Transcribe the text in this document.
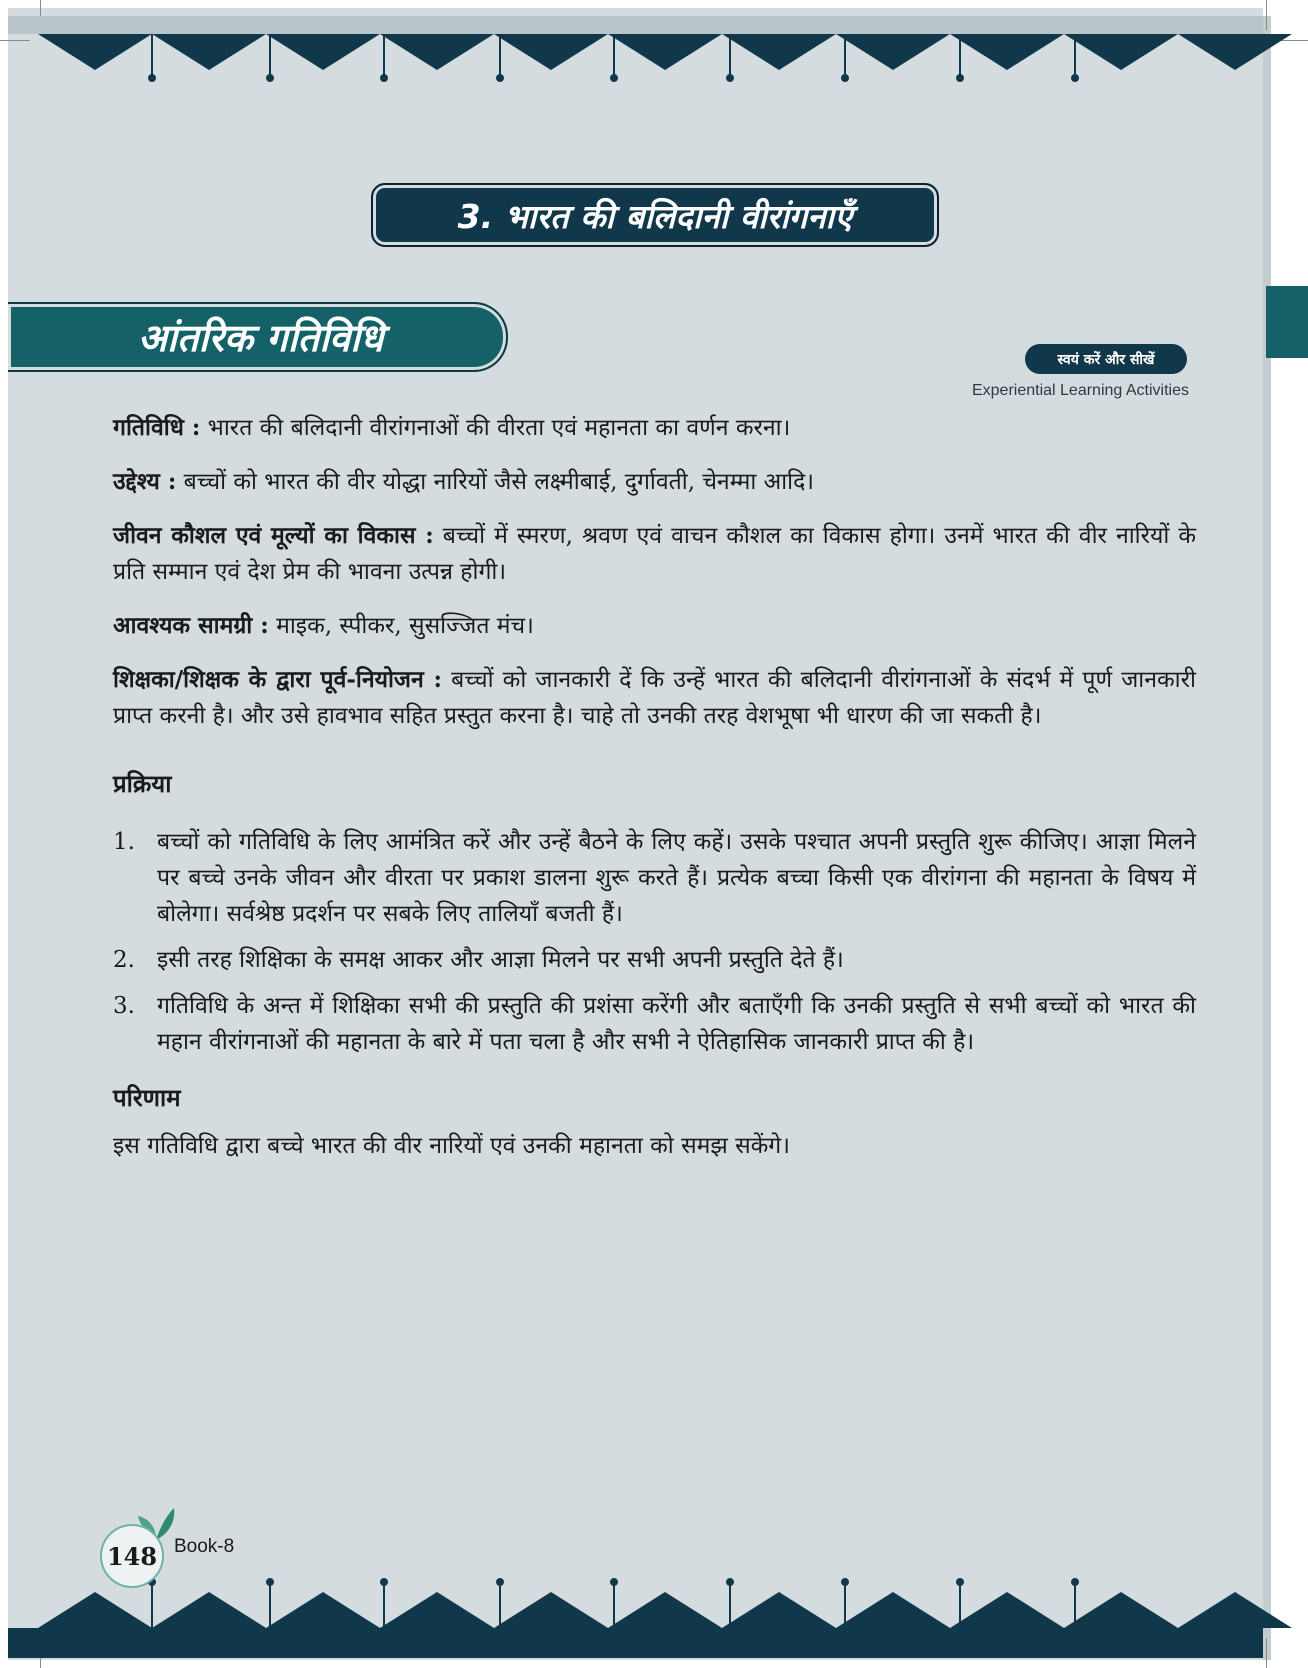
3. भारत की बलिदानी वीरांगनाएँ
आंतरिक गतिविधि	स्वयं करें और सीखें
Experiential Learning Activities

गतिविधि : भारत की बलिदानी वीरांगनाओं की वीरता एवं महानता का वर्णन करना।

उद्देश्य : बच्चों को भारत की वीर योद्धा नारियों जैसे लक्ष्मीबाई, दुर्गावती, चेनम्मा आदि।

जीवन कौशल एवं मूल्यों का विकास : बच्चों में स्मरण, श्रवण एवं वाचन कौशल का विकास होगा। उनमें भारत की वीर नारियों के प्रति सम्मान एवं देश प्रेम की भावना उत्पन्न होगी।

आवश्यक सामग्री : माइक, स्पीकर, सुसज्जित मंच।

शिक्षका/शिक्षक के द्वारा पूर्व-नियोजन : बच्चों को जानकारी दें कि उन्हें भारत की बलिदानी वीरांगनाओं के संदर्भ में पूर्ण जानकारी प्राप्त करनी है। और उसे हावभाव सहित प्रस्तुत करना है। चाहे तो उनकी तरह वेशभूषा भी धारण की जा सकती है।

प्रक्रिया
1. बच्चों को गतिविधि के लिए आमंत्रित करें और उन्हें बैठने के लिए कहें। उसके पश्चात अपनी प्रस्तुति शुरू कीजिए। आज्ञा मिलने पर बच्चे उनके जीवन और वीरता पर प्रकाश डालना शुरू करते हैं। प्रत्येक बच्चा किसी एक वीरांगना की महानता के विषय में बोलेगा। सर्वश्रेष्ठ प्रदर्शन पर सबके लिए तालियाँ बजती हैं।
2. इसी तरह शिक्षिका के समक्ष आकर और आज्ञा मिलने पर सभी अपनी प्रस्तुति देते हैं।
3. गतिविधि के अन्त में शिक्षिका सभी की प्रस्तुति की प्रशंसा करेंगी और बताएँगी कि उनकी प्रस्तुति से सभी बच्चों को भारत की महान वीरांगनाओं की महानता के बारे में पता चला है और सभी ने ऐतिहासिक जानकारी प्राप्त की है।
परिणाम

इस गतिविधि द्वारा बच्चे भारत की वीर नारियों एवं उनकी महानता को समझ सकेंगे।

148 Book-8
